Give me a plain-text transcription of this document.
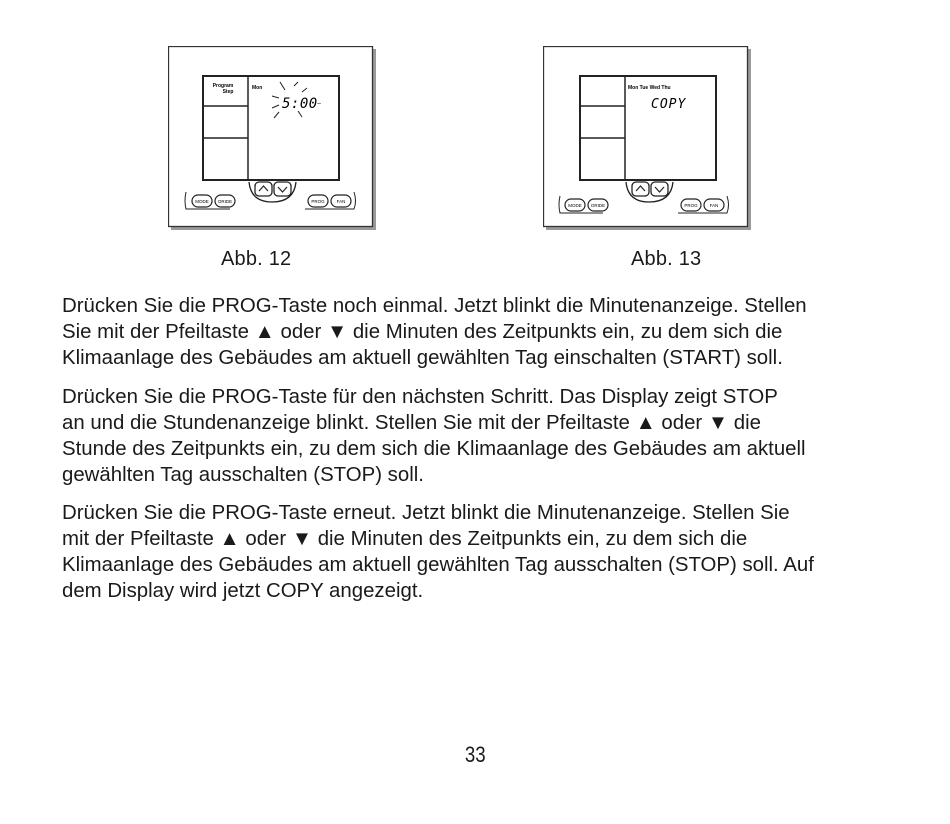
Program
Step
Mon
5:00 ~
MODE ORIDE	PROG	FAN
Abb. 12
Mon Tue Wed Thu
COPY
MODE ORIDE	PROG	FAN
Abb. 13

Drücken Sie die PROG-Taste noch einmal. Jetzt blinkt die Minutenanzeige. Stellen
Sie mit der Pfeiltaste ▲ oder ▼ die Minuten des Zeitpunkts ein, zu dem sich die
Klimaanlage des Gebäudes am aktuell gewählten Tag einschalten (START) soll.

Drücken Sie die PROG-Taste für den nächsten Schritt. Das Display zeigt STOP
an und die Stundenanzeige blinkt. Stellen Sie mit der Pfeiltaste ▲ oder ▼ die
Stunde des Zeitpunkts ein, zu dem sich die Klimaanlage des Gebäudes am aktuell
gewählten Tag ausschalten (STOP) soll.

Drücken Sie die PROG-Taste erneut. Jetzt blinkt die Minutenanzeige. Stellen Sie
mit der Pfeiltaste ▲ oder ▼ die Minuten des Zeitpunkts ein, zu dem sich die
Klimaanlage des Gebäudes am aktuell gewählten Tag ausschalten (STOP) soll. Auf
dem Display wird jetzt COPY angezeigt.

33
